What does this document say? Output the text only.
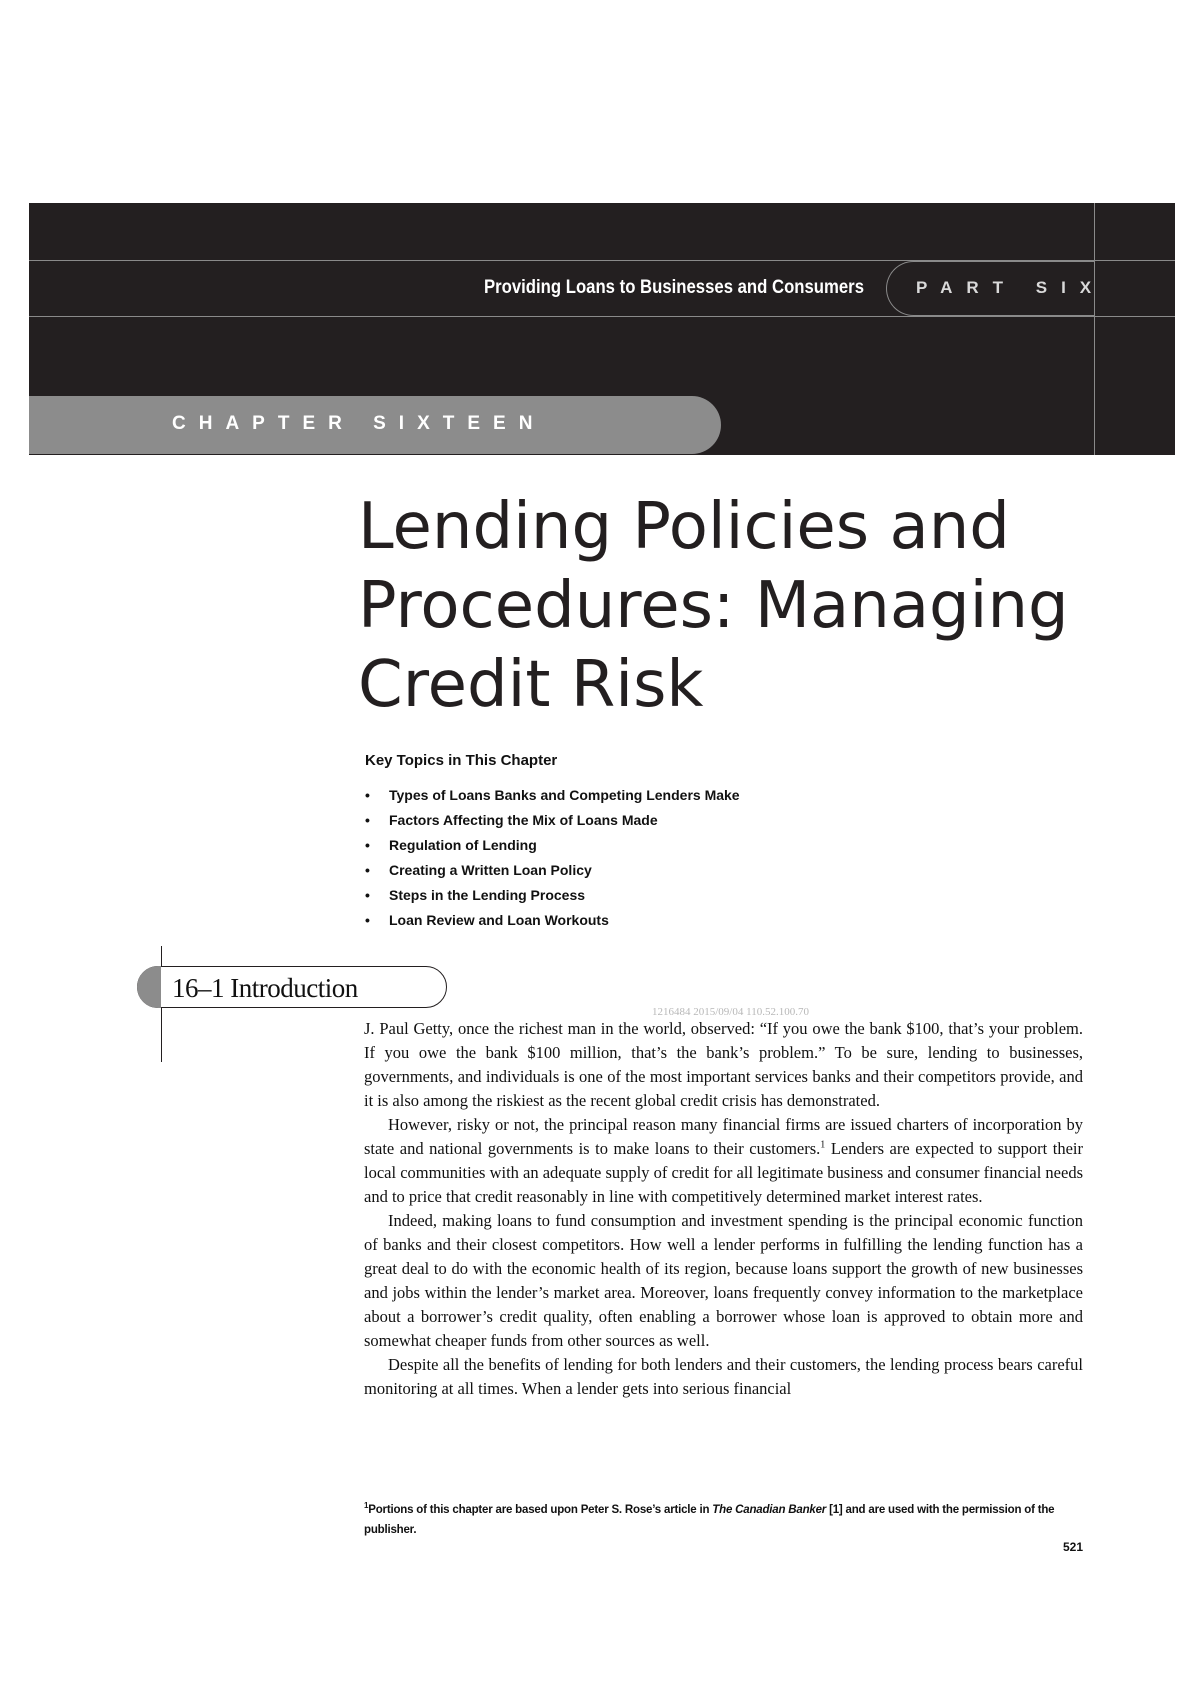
Providing Loans to Businesses and Consumers	PART SIX
CHAPTER SIXTEEN
Lending Policies and Procedures: Managing Credit Risk
Key Topics in This Chapter
• Types of Loans Banks and Competing Lenders Make
• Factors Affecting the Mix of Loans Made
• Regulation of Lending
• Creating a Written Loan Policy
• Steps in the Lending Process
• Loan Review and Loan Workouts
16–1 Introduction
1216484 2015/09/04 110.52.100.70

J. Paul Getty, once the richest man in the world, observed: “If you owe the bank $100, that’s your problem. If you owe the bank $100 million, that’s the bank’s problem.” To be sure, lending to businesses, governments, and individuals is one of the most important services banks and their competitors provide, and it is also among the riskiest as the recent global credit crisis has demonstrated.

However, risky or not, the principal reason many financial firms are issued charters of incorporation by state and national governments is to make loans to their customers.$^1$ Lenders are expected to support their local communities with an adequate supply of credit for all legitimate business and consumer financial needs and to price that credit reasonably in line with competitively determined market interest rates.

Indeed, making loans to fund consumption and investment spending is the principal economic function of banks and their closest competitors. How well a lender performs in fulfilling the lending function has a great deal to do with the economic health of its region, because loans support the growth of new businesses and jobs within the lender’s market area. Moreover, loans frequently convey information to the marketplace about a borrower’s credit quality, often enabling a borrower whose loan is approved to obtain more and somewhat cheaper funds from other sources as well.

Despite all the benefits of lending for both lenders and their customers, the lending process bears careful monitoring at all times. When a lender gets into serious financial

$^1$Portions of this chapter are based upon Peter S. Rose’s article in The Canadian Banker [1] and are used with the permission of the publisher.
521
